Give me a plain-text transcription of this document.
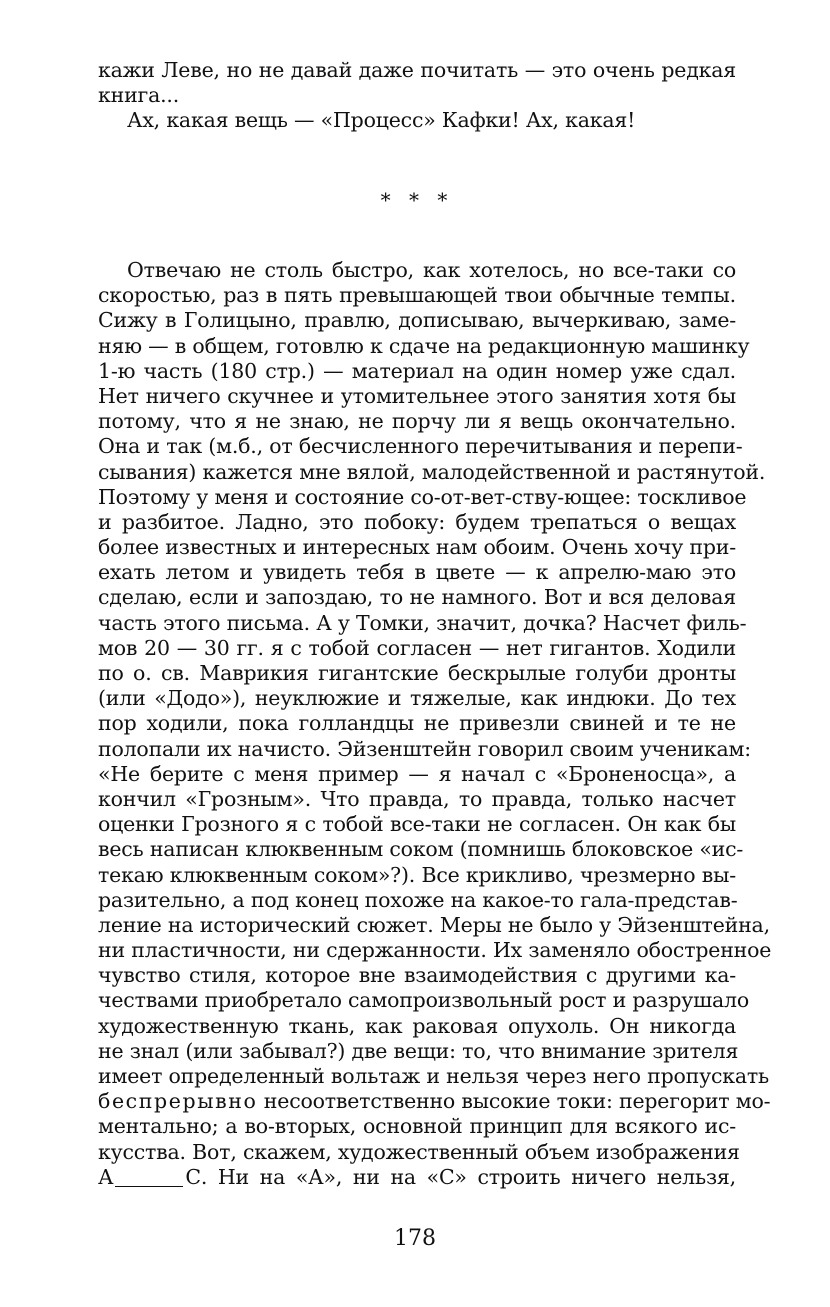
кажи Леве, но не давай даже почитать — это очень редкая
книга...
Ах, какая вещь — «Процесс» Кафки! Ах, какая!
* * *
Отвечаю не столь быстро, как хотелось, но все-таки со
скоростью, раз в пять превышающей твои обычные темпы.
Сижу в Голицыно, правлю, дописываю, вычеркиваю, заме-
няю — в общем, готовлю к сдаче на редакционную машинку
1-ю часть (180 стр.) — материал на один номер уже сдал.
Нет ничего скучнее и утомительнее этого занятия хотя бы
потому, что я не знаю, не порчу ли я вещь окончательно.
Она и так (м.б., от бесчисленного перечитывания и перепи-
сывания) кажется мне вялой, малодейственной и растянутой.
Поэтому у меня и состояние со-от-вет-ству-ющее: тоскливое
и разбитое. Ладно, это побоку: будем трепаться о вещах
более известных и интересных нам обоим. Очень хочу при-
ехать летом и увидеть тебя в цвете — к апрелю-маю это
сделаю, если и запоздаю, то не намного. Вот и вся деловая
часть этого письма. А у Томки, значит, дочка? Насчет филь-
мов 20 — 30 гг. я с тобой согласен — нет гигантов. Ходили
по о. св. Маврикия гигантские бескрылые голуби дронты
(или «Додо»), неуклюжие и тяжелые, как индюки. До тех
пор ходили, пока голландцы не привезли свиней и те не
полопали их начисто. Эйзенштейн говорил своим ученикам:
«Не берите с меня пример — я начал с «Броненосца», а
кончил «Грозным». Что правда, то правда, только насчет
оценки Грозного я с тобой все-таки не согласен. Он как бы
весь написан клюквенным соком (помнишь блоковское «ис-
текаю клюквенным соком»?). Все крикливо, чрезмерно вы-
разительно, а под конец похоже на какое-то гала-представ-
ление на исторический сюжет. Меры не было у Эйзенштейна,
ни пластичности, ни сдержанности. Их заменяло обостренное
чувство стиля, которое вне взаимодействия с другими ка-
чествами приобретало самопроизвольный рост и разрушало
художественную ткань, как раковая опухоль. Он никогда
не знал (или забывал?) две вещи: то, что внимание зрителя
имеет определенный вольтаж и нельзя через него пропускать
беспрерывно несоответственно высокие токи: перегорит мо-
ментально; а во-вторых, основной принцип для всякого ис-
кусства. Вот, скажем, художественный объем изображения
А	С. Ни на «А», ни на «С» строить ничего нельзя,
178
